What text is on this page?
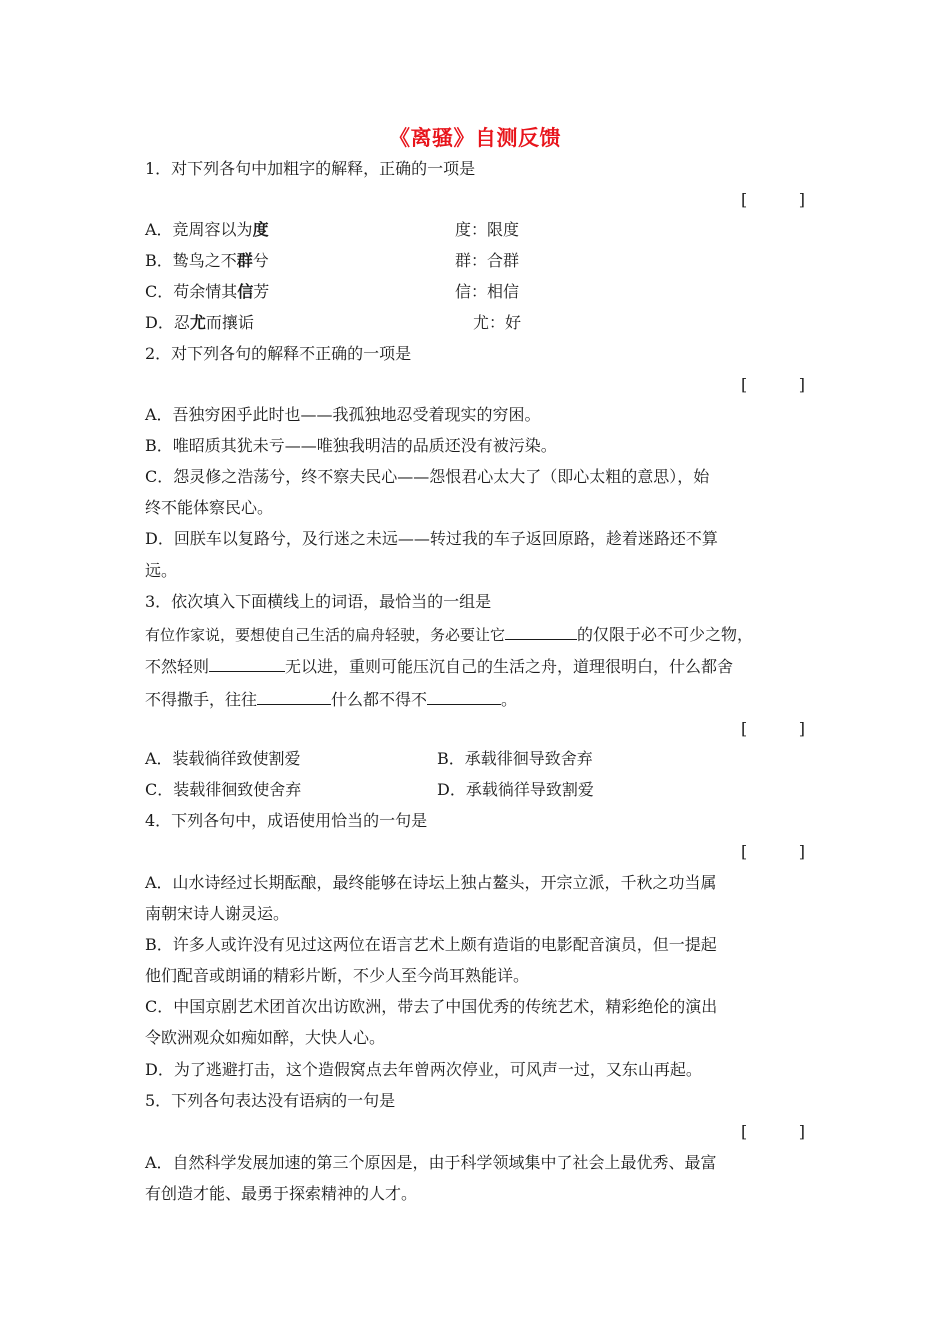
《离骚》自测反馈
1．对下列各句中加粗字的解释，正确的一项是
[	]
A．竞周容以为度	度：限度
B．鸷鸟之不群兮	群：合群
C．苟余情其信芳	信：相信
D．忍尤而攘诟	尤：好
2．对下列各句的解释不正确的一项是
[	]
A．吾独穷困乎此时也——我孤独地忍受着现实的穷困。
B．唯昭质其犹未亏——唯独我明洁的品质还没有被污染。
C．怨灵修之浩荡兮，终不察夫民心——怨恨君心太大了（即心太粗的意思），始
终不能体察民心。
D．回朕车以复路兮，及行迷之未远——转过我的车子返回原路，趁着迷路还不算
远。
3．依次填入下面横线上的词语，最恰当的一组是
有位作家说，要想使自己生活的扁舟轻驶，务必要让它	的仅限于必不可少之物，
不然轻则	无以进，重则可能压沉自己的生活之舟，道理很明白，什么都舍
不得撒手，往往	什么都不得不	。
[	]
A．装载徜徉致使割爱	B．承载徘徊导致舍弃
C．装载徘徊致使舍弃	D．承载徜徉导致割爱
4．下列各句中，成语使用恰当的一句是
[	]
A．山水诗经过长期酝酿，最终能够在诗坛上独占鳌头，开宗立派，千秋之功当属
南朝宋诗人谢灵运。
B．许多人或许没有见过这两位在语言艺术上颇有造诣的电影配音演员，但一提起
他们配音或朗诵的精彩片断，不少人至今尚耳熟能详。
C．中国京剧艺术团首次出访欧洲，带去了中国优秀的传统艺术，精彩绝伦的演出
令欧洲观众如痴如醉，大快人心。
D．为了逃避打击，这个造假窝点去年曾两次停业，可风声一过，又东山再起。
5．下列各句表达没有语病的一句是
[	]
A．自然科学发展加速的第三个原因是，由于科学领域集中了社会上最优秀、最富
有创造才能、最勇于探索精神的人才。
